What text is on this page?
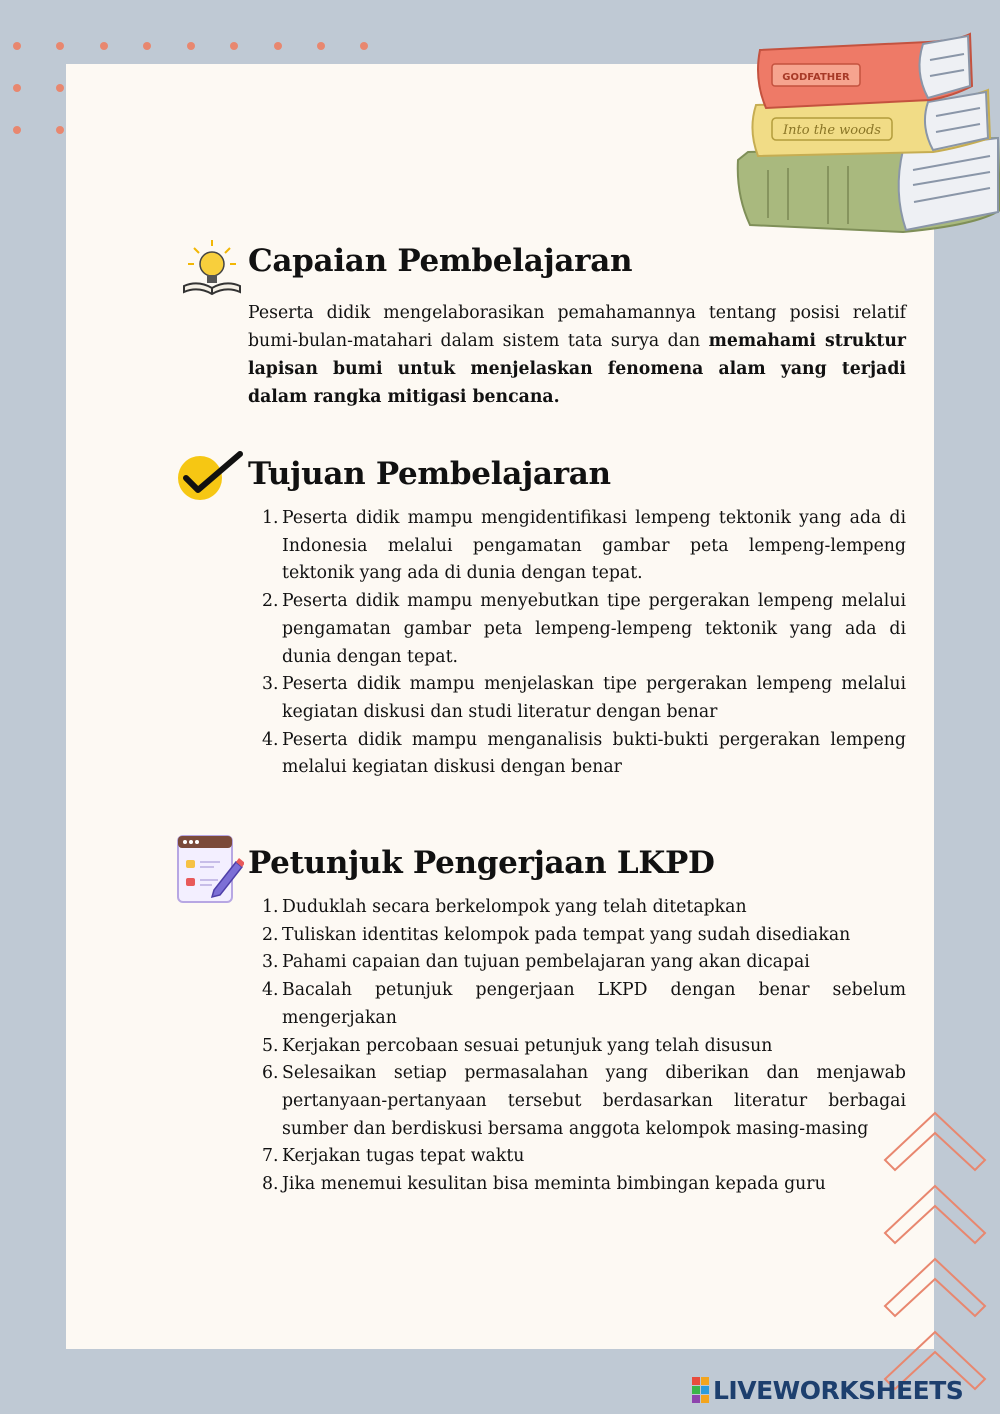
Into the woods
GODFATHER
Capaian Pembelajaran

Peserta didik mengelaborasikan pemahamannya tentang posisi relatif bumi-bulan-matahari dalam sistem tata surya dan memahami struktur lapisan bumi untuk menjelaskan fenomena alam yang terjadi dalam rangka mitigasi bencana.

Tujuan Pembelajaran
1. Peserta didik mampu mengidentifikasi lempeng tektonik yang ada di Indonesia melalui pengamatan gambar peta lempeng-lempeng tektonik yang ada di dunia dengan tepat.
2. Peserta didik mampu menyebutkan tipe pergerakan lempeng melalui pengamatan gambar peta lempeng-lempeng tektonik yang ada di dunia dengan tepat.
3. Peserta didik mampu menjelaskan tipe pergerakan lempeng melalui kegiatan diskusi dan studi literatur dengan benar
4. Peserta didik mampu menganalisis bukti-bukti pergerakan lempeng melalui kegiatan diskusi dengan benar
Petunjuk Pengerjaan LKPD
1. Duduklah secara berkelompok yang telah ditetapkan
2. Tuliskan identitas kelompok pada tempat yang sudah disediakan
3. Pahami capaian dan tujuan pembelajaran yang akan dicapai
4. Bacalah petunjuk pengerjaan LKPD dengan benar sebelum mengerjakan
5. Kerjakan percobaan sesuai petunjuk yang telah disusun
6. Selesaikan setiap permasalahan yang diberikan dan menjawab pertanyaan-pertanyaan tersebut berdasarkan literatur berbagai sumber dan berdiskusi bersama anggota kelompok masing-masing
7. Kerjakan tugas tepat waktu
8. Jika menemui kesulitan bisa meminta bimbingan kepada guru
LIVEWORKSHEETS
